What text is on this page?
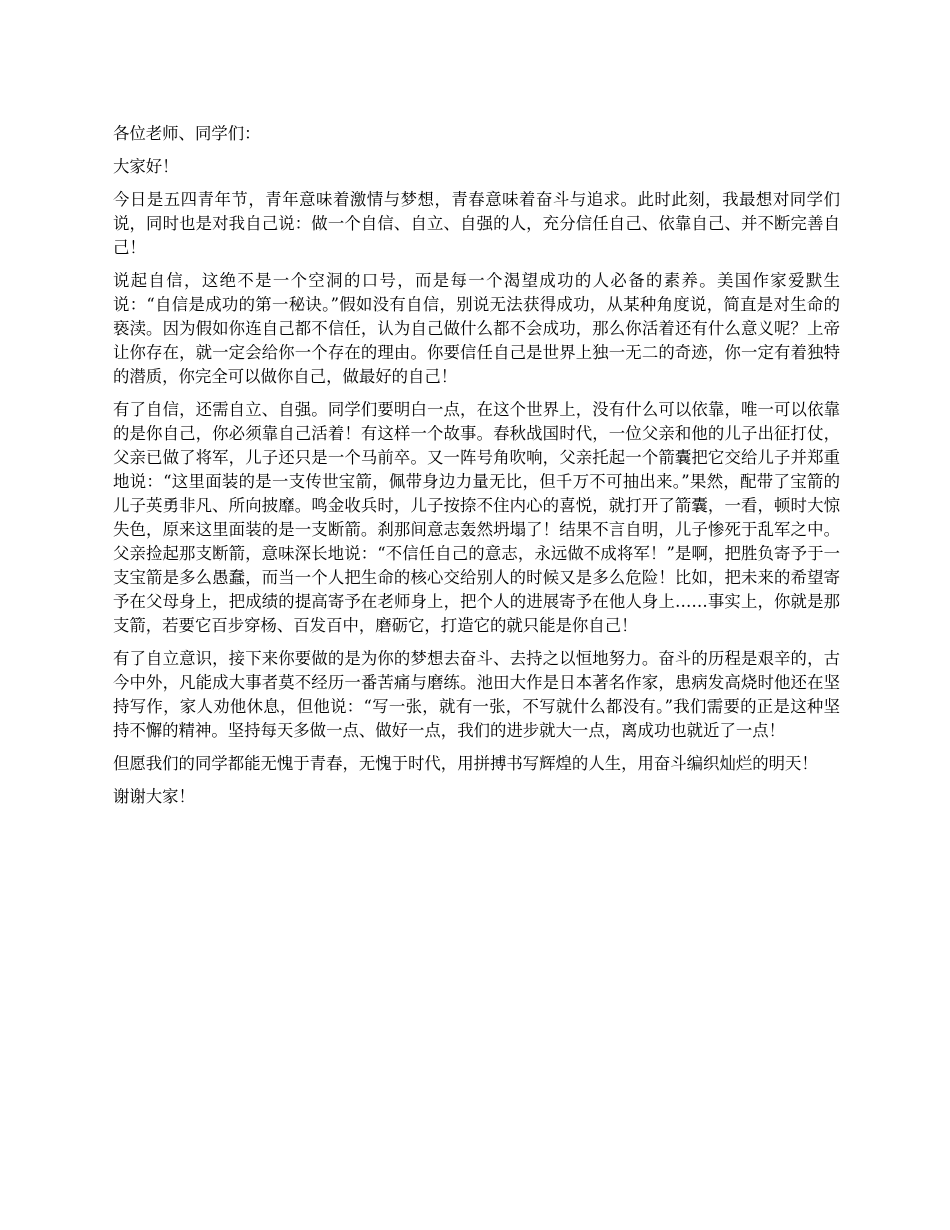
各位老师、同学们：

大家好！

今日是五四青年节，青年意味着激情与梦想，青春意味着奋斗与追求。此时此刻，我最想对同学们说，同时也是对我自己说：做一个自信、自立、自强的人，充分信任自己、依靠自己、并不断完善自己！

说起自信，这绝不是一个空洞的口号，而是每一个渴望成功的人必备的素养。美国作家爱默生说：“自信是成功的第一秘诀。”假如没有自信，别说无法获得成功，从某种角度说，简直是对生命的亵渎。因为假如你连自己都不信任，认为自己做什么都不会成功，那么你活着还有什么意义呢？上帝让你存在，就一定会给你一个存在的理由。你要信任自己是世界上独一无二的奇迹，你一定有着独特的潜质，你完全可以做你自己，做最好的自己！

有了自信，还需自立、自强。同学们要明白一点，在这个世界上，没有什么可以依靠，唯一可以依靠的是你自己，你必须靠自己活着！有这样一个故事。春秋战国时代，一位父亲和他的儿子出征打仗，父亲已做了将军，儿子还只是一个马前卒。又一阵号角吹响，父亲托起一个箭囊把它交给儿子并郑重地说：“这里面装的是一支传世宝箭，佩带身边力量无比，但千万不可抽出来。”果然，配带了宝箭的儿子英勇非凡、所向披靡。鸣金收兵时，儿子按捺不住内心的喜悦，就打开了箭囊，一看，顿时大惊失色，原来这里面装的是一支断箭。刹那间意志轰然坍塌了！结果不言自明，儿子惨死于乱军之中。父亲捡起那支断箭，意味深长地说：“不信任自己的意志，永远做不成将军！”是啊，把胜负寄予于一支宝箭是多么愚蠢，而当一个人把生命的核心交给别人的时候又是多么危险！比如，把未来的希望寄予在父母身上，把成绩的提高寄予在老师身上，把个人的进展寄予在他人身上……事实上，你就是那支箭，若要它百步穿杨、百发百中，磨砺它，打造它的就只能是你自己！

有了自立意识，接下来你要做的是为你的梦想去奋斗、去持之以恒地努力。奋斗的历程是艰辛的，古今中外，凡能成大事者莫不经历一番苦痛与磨练。池田大作是日本著名作家，患病发高烧时他还在坚持写作，家人劝他休息，但他说：“写一张，就有一张，不写就什么都没有。”我们需要的正是这种坚持不懈的精神。坚持每天多做一点、做好一点，我们的进步就大一点，离成功也就近了一点！

但愿我们的同学都能无愧于青春，无愧于时代，用拼搏书写辉煌的人生，用奋斗编织灿烂的明天！

谢谢大家！
